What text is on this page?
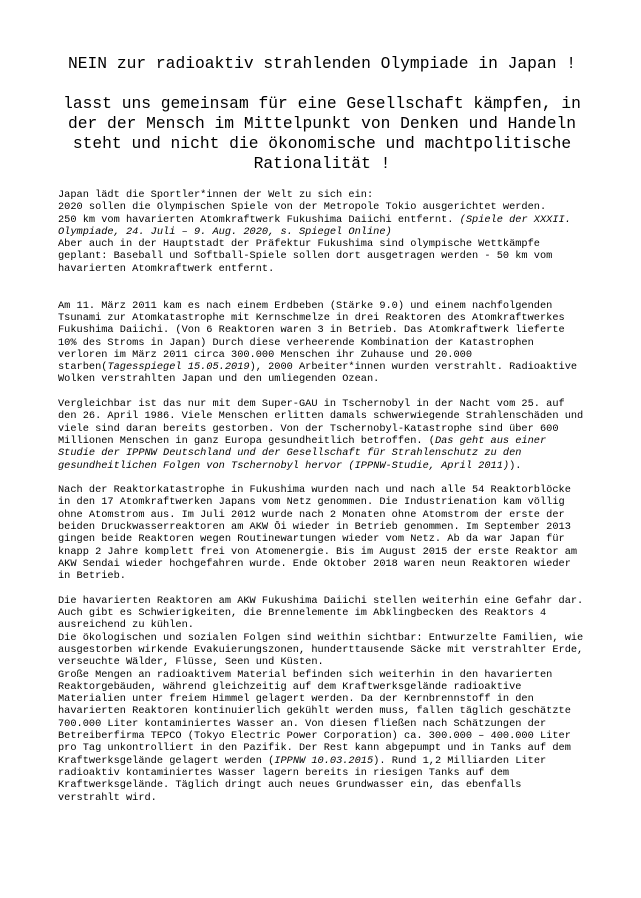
NEIN zur radioaktiv strahlenden Olympiade in Japan !
lasst uns gemeinsam für eine Gesellschaft kämpfen, in der der Mensch im Mittelpunkt von Denken und Handeln steht und nicht die ökonomische und machtpolitische Rationalität !

Japan lädt die Sportler*innen der Welt zu sich ein:
2020 sollen die Olympischen Spiele von der Metropole Tokio ausgerichtet werden.
250 km vom havarierten Atomkraftwerk Fukushima Daiichi entfernt. (Spiele der XXXII. Olympiade, 24. Juli – 9. Aug. 2020, s. Spiegel Online)
Aber auch in der Hauptstadt der Präfektur Fukushima sind olympische Wettkämpfe geplant: Baseball und Softball-Spiele sollen dort ausgetragen werden - 50 km vom havarierten Atomkraftwerk entfernt.

Am 11. März 2011 kam es nach einem Erdbeben (Stärke 9.0) und einem nachfolgenden Tsunami zur Atomkatastrophe mit Kernschmelze in drei Reaktoren des Atomkraftwerkes Fukushima Daiichi. (Von 6 Reaktoren waren 3 in Betrieb. Das Atomkraftwerk lieferte 10% des Stroms in Japan) Durch diese verheerende Kombination der Katastrophen verloren im März 2011 circa 300.000 Menschen ihr Zuhause und 20.000 starben(Tagesspiegel 15.05.2019), 2000 Arbeiter*innen wurden verstrahlt. Radioaktive Wolken verstrahlten Japan und den umliegenden Ozean.

Vergleichbar ist das nur mit dem Super-GAU in Tschernobyl in der Nacht vom 25. auf den 26. April 1986. Viele Menschen erlitten damals schwerwiegende Strahlenschäden und viele sind daran bereits gestorben. Von der Tschernobyl-Katastrophe sind über 600 Millionen Menschen in ganz Europa gesundheitlich betroffen. (Das geht aus einer Studie der IPPNW Deutschland und der Gesellschaft für Strahlenschutz zu den gesundheitlichen Folgen von Tschernobyl hervor (IPPNW-Studie, April 2011)).

Nach der Reaktorkatastrophe in Fukushima wurden nach und nach alle 54 Reaktorblöcke in den 17 Atomkraftwerken Japans vom Netz genommen. Die Industrienation kam völlig ohne Atomstrom aus. Im Juli 2012 wurde nach 2 Monaten ohne Atomstrom der erste der beiden Druckwasserreaktoren am AKW Ōi wieder in Betrieb genommen. Im September 2013 gingen beide Reaktoren wegen Routinewartungen wieder vom Netz. Ab da war Japan für knapp 2 Jahre komplett frei von Atomenergie. Bis im August 2015 der erste Reaktor am AKW Sendai wieder hochgefahren wurde. Ende Oktober 2018 waren neun Reaktoren wieder in Betrieb.

Die havarierten Reaktoren am AKW Fukushima Daiichi stellen weiterhin eine Gefahr dar. Auch gibt es Schwierigkeiten, die Brennelemente im Abklingbecken des Reaktors 4 ausreichend zu kühlen.
Die ökologischen und sozialen Folgen sind weithin sichtbar: Entwurzelte Familien, wie ausgestorben wirkende Evakuierungszonen, hunderttausende Säcke mit verstrahlter Erde, verseuchte Wälder, Flüsse, Seen und Küsten.
Große Mengen an radioaktivem Material befinden sich weiterhin in den havarierten Reaktorgebäuden, während gleichzeitig auf dem Kraftwerksgelände radioaktive Materialien unter freiem Himmel gelagert werden. Da der Kernbrennstoff in den havarierten Reaktoren kontinuierlich gekühlt werden muss, fallen täglich geschätzte 700.000 Liter kontaminiertes Wasser an. Von diesen fließen nach Schätzungen der Betreiberfirma TEPCO (Tokyo Electric Power Corporation) ca. 300.000 – 400.000 Liter pro Tag unkontrolliert in den Pazifik. Der Rest kann abgepumpt und in Tanks auf dem Kraftwerksgelände gelagert werden (IPPNW 10.03.2015). Rund 1,2 Milliarden Liter radioaktiv kontaminiertes Wasser lagern bereits in riesigen Tanks auf dem Kraftwerksgelände. Täglich dringt auch neues Grundwasser ein, das ebenfalls verstrahlt wird.
